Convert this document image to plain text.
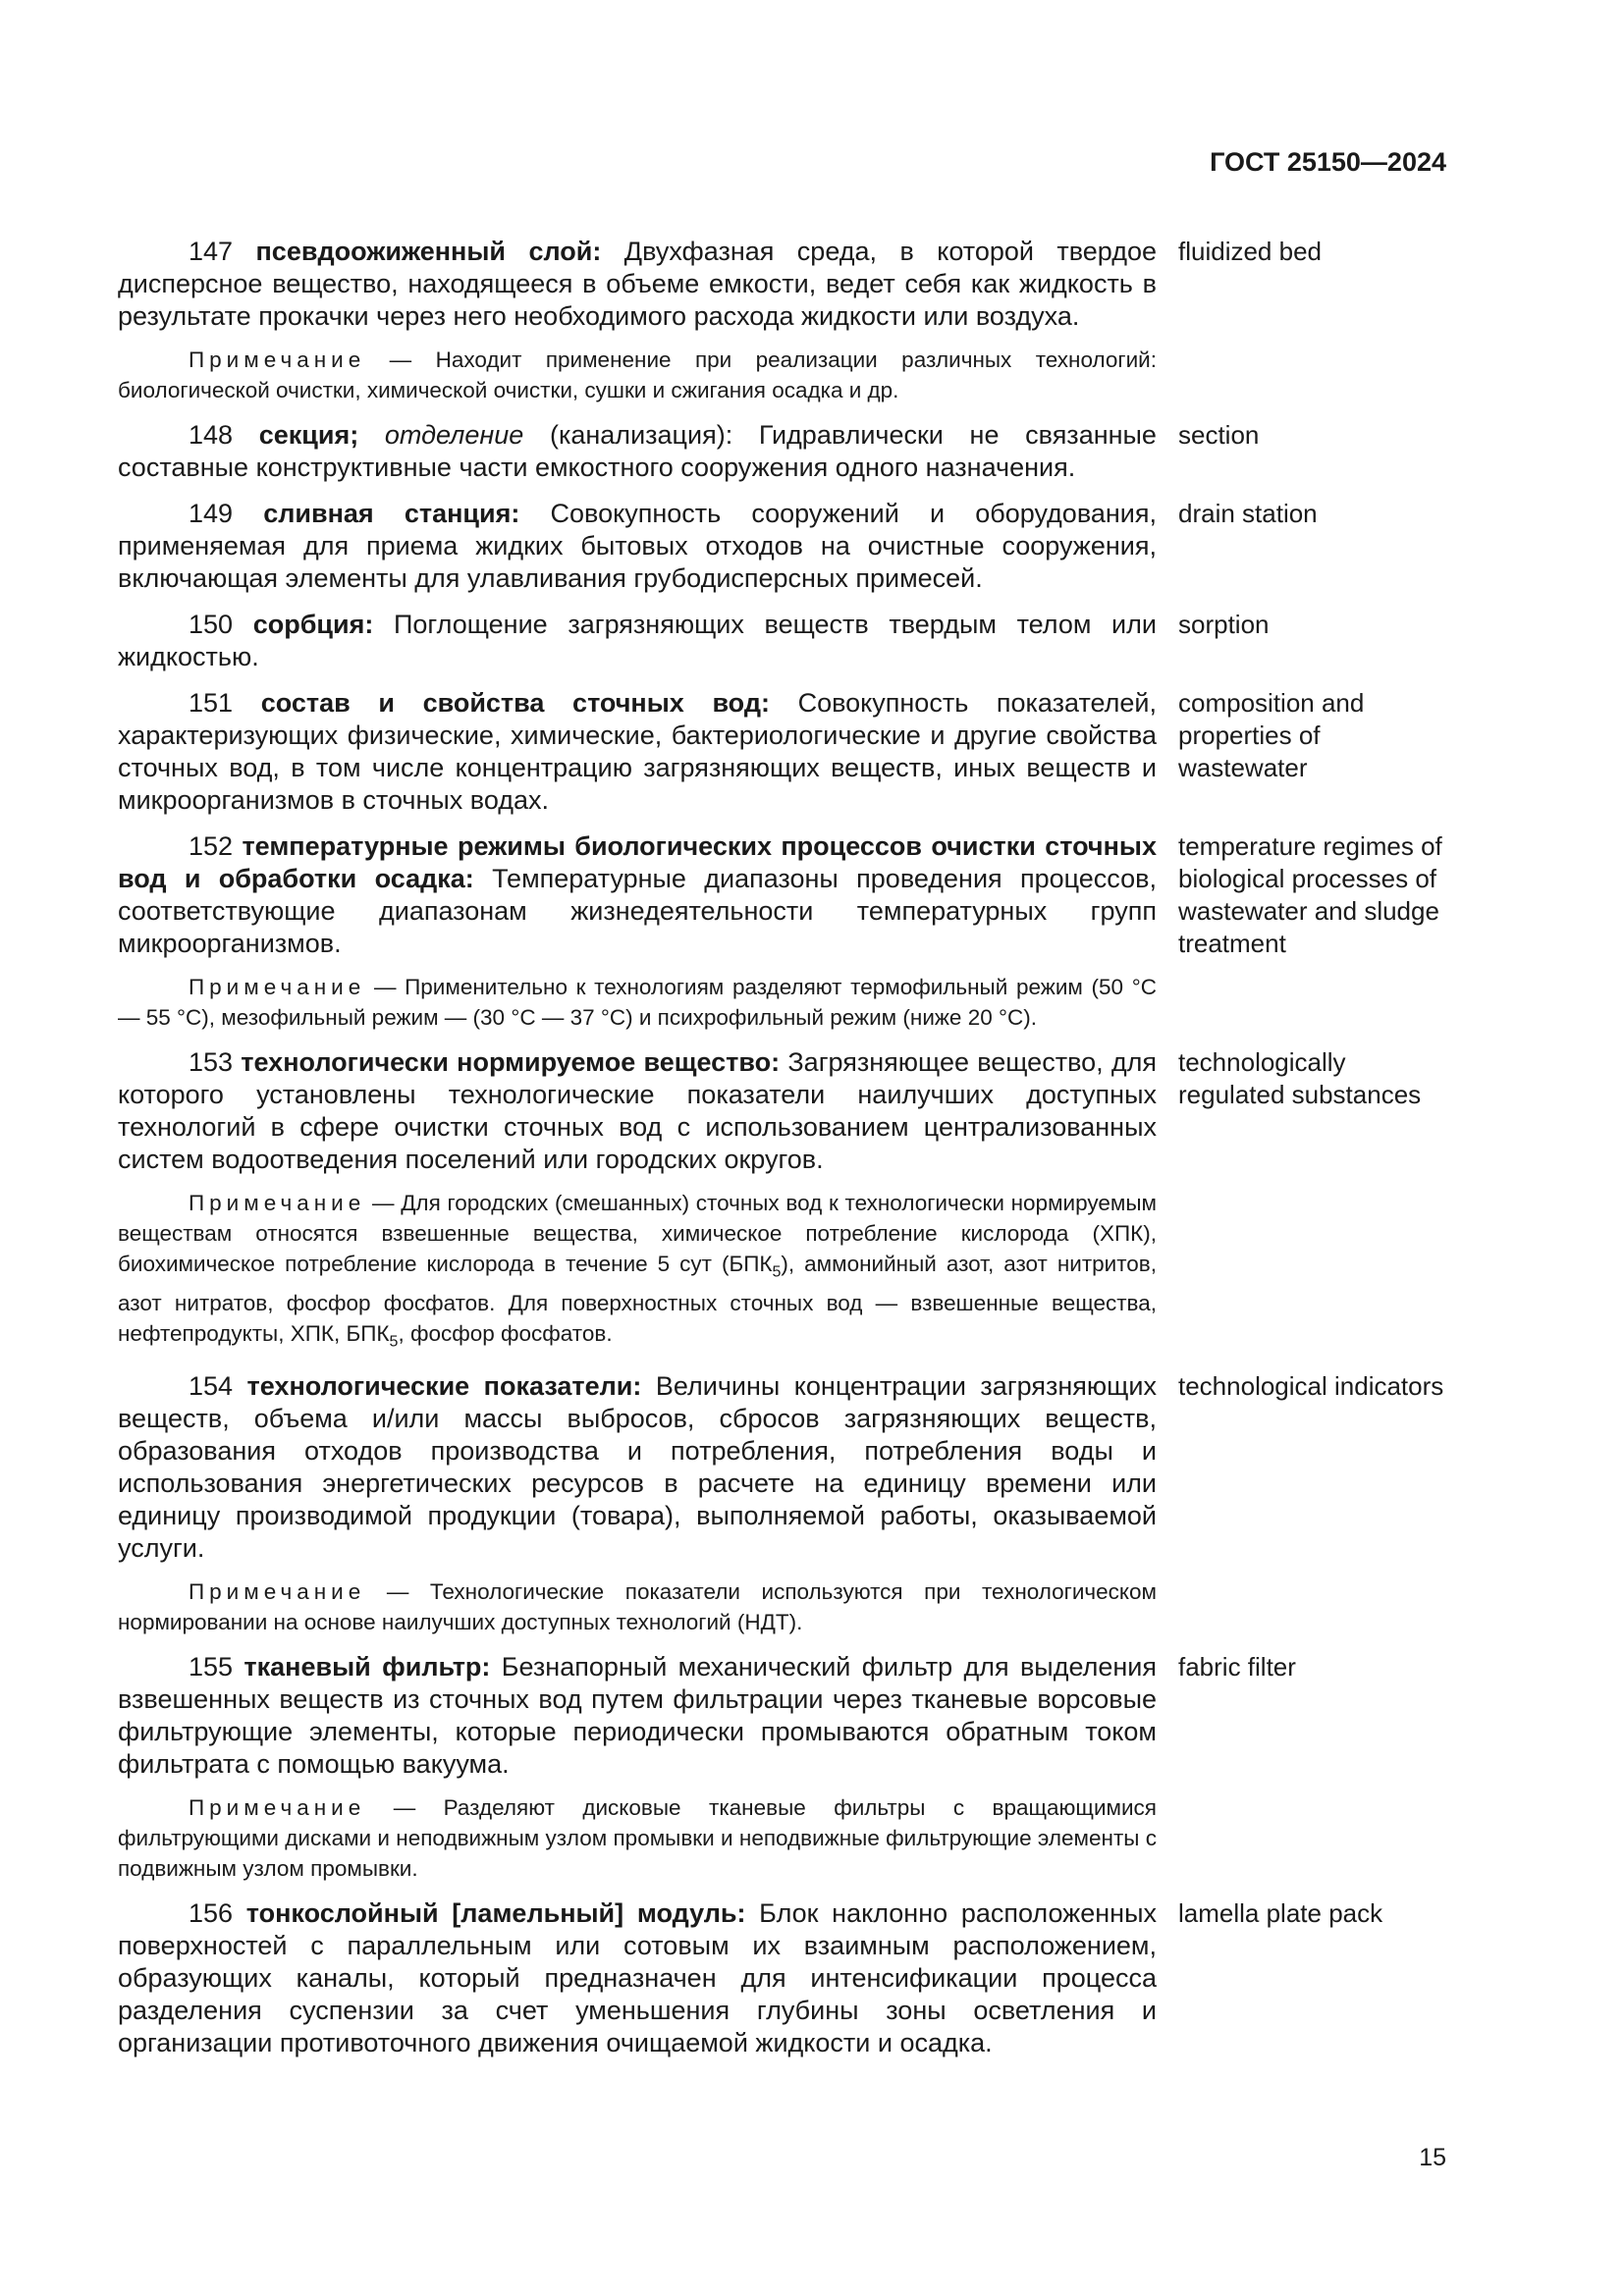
ГОСТ 25150—2024
147 псевдоожиженный слой: Двухфазная среда, в которой твердое дисперсное вещество, находящееся в объеме емкости, ведет себя как жидкость в результате прокачки через него необходимого расхода жидкости или воздуха.
fluidized bed
Примечание — Находит применение при реализации различных технологий: биологической очистки, химической очистки, сушки и сжигания осадка и др.
148 секция; отделение (канализация): Гидравлически не связанные составные конструктивные части емкостного сооружения одного назначения.
section
149 сливная станция: Совокупность сооружений и оборудования, применяемая для приема жидких бытовых отходов на очистные сооружения, включающая элементы для улавливания грубодисперсных примесей.
drain station
150 сорбция: Поглощение загрязняющих веществ твердым телом или жидкостью.
sorption
151 состав и свойства сточных вод: Совокупность показателей, характеризующих физические, химические, бактериологические и другие свойства сточных вод, в том числе концентрацию загрязняющих веществ, иных веществ и микроорганизмов в сточных водах.
composition and properties of wastewater
152 температурные режимы биологических процессов очистки сточных вод и обработки осадка: Температурные диапазоны проведения процессов, соответствующие диапазонам жизнедеятельности температурных групп микроорганизмов.
temperature regimes of biological processes of wastewater and sludge treatment
Примечание — Применительно к технологиям разделяют термофильный режим (50 °С — 55 °С), мезофильный режим — (30 °С — 37 °С) и психрофильный режим (ниже 20 °С).
153 технологически нормируемое вещество: Загрязняющее вещество, для которого установлены технологические показатели наилучших доступных технологий в сфере очистки сточных вод с использованием централизованных систем водоотведения поселений или городских округов.
technologically regulated substances
Примечание — Для городских (смешанных) сточных вод к технологически нормируемым веществам относятся взвешенные вещества, химическое потребление кислорода (ХПК), биохимическое потребление кислорода в течение 5 сут $(БПК_5)$, аммонийный азот, азот нитритов, азот нитратов, фосфор фосфатов. Для поверхностных сточных вод — взвешенные вещества, нефтепродукты, ХПК, $БПК_5$, фосфор фосфатов.
154 технологические показатели: Величины концентрации загрязняющих веществ, объема и/или массы выбросов, сбросов загрязняющих веществ, образования отходов производства и потребления, потребления воды и использования энергетических ресурсов в расчете на единицу времени или единицу производимой продукции (товара), выполняемой работы, оказываемой услуги.
technological indicators
Примечание — Технологические показатели используются при технологическом нормировании на основе наилучших доступных технологий (НДТ).
155 тканевый фильтр: Безнапорный механический фильтр для выделения взвешенных веществ из сточных вод путем фильтрации через тканевые ворсовые фильтрующие элементы, которые периодически промываются обратным током фильтрата с помощью вакуума.
fabric filter
Примечание — Разделяют дисковые тканевые фильтры с вращающимися фильтрующими дисками и неподвижным узлом промывки и неподвижные фильтрующие элементы с подвижным узлом промывки.
156 тонкослойный [ламельный] модуль: Блок наклонно расположенных поверхностей с параллельным или сотовым их взаимным расположением, образующих каналы, который предназначен для интенсификации процесса разделения суспензии за счет уменьшения глубины зоны осветления и организации противоточного движения очищаемой жидкости и осадка.
lamella plate pack
15
